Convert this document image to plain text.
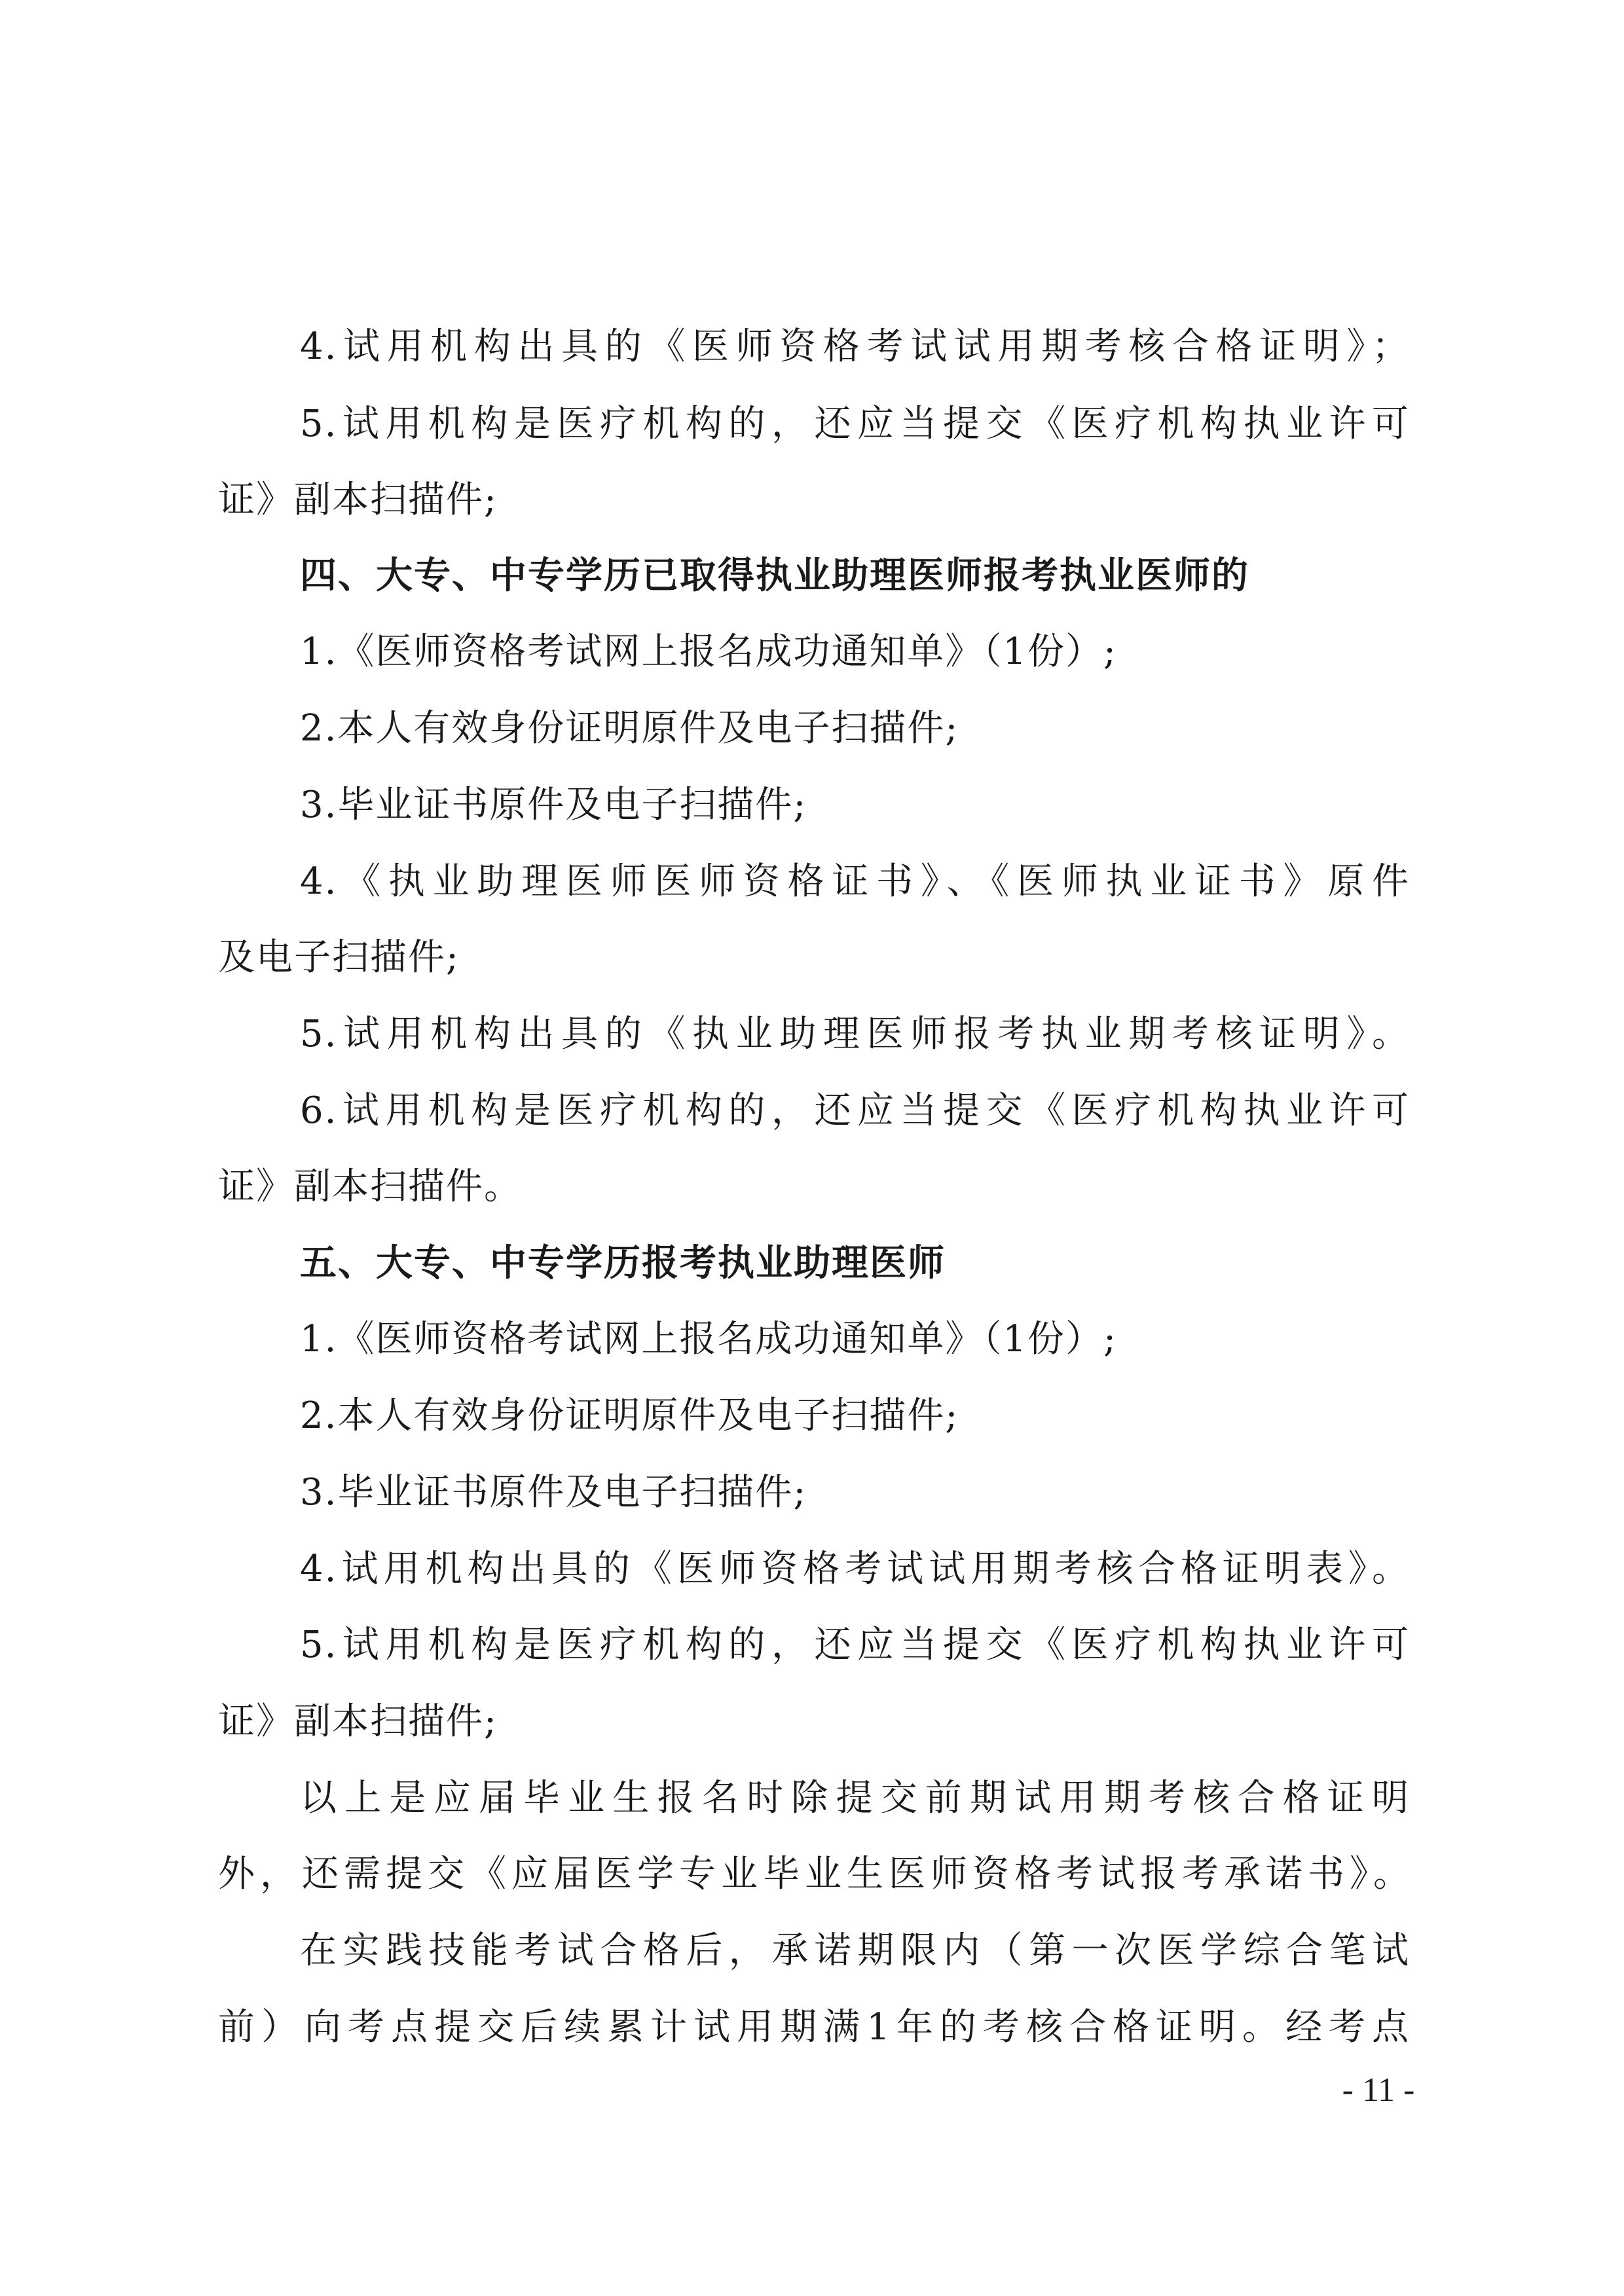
4.试用机构出具的《医师资格考试试用期考核合格证明》；
5.试用机构是医疗机构的，还应当提交《医疗机构执业许可
证》副本扫描件;
四、大专、中专学历已取得执业助理医师报考执业医师的
1.《医师资格考试网上报名成功通知单》（1份）;
2.本人有效身份证明原件及电子扫描件;
3.毕业证书原件及电子扫描件;
4.《执业助理医师医师资格证书》、《医师执业证书》原件
及电子扫描件;
5.试用机构出具的《执业助理医师报考执业期考核证明》。
6.试用机构是医疗机构的，还应当提交《医疗机构执业许可
证》副本扫描件。
五、大专、中专学历报考执业助理医师
1.《医师资格考试网上报名成功通知单》（1份）;
2.本人有效身份证明原件及电子扫描件;
3.毕业证书原件及电子扫描件;
4.试用机构出具的《医师资格考试试用期考核合格证明表》。
5.试用机构是医疗机构的，还应当提交《医疗机构执业许可
证》副本扫描件;
以上是应届毕业生报名时除提交前期试用期考核合格证明
外，还需提交《应届医学专业毕业生医师资格考试报考承诺书》。
在实践技能考试合格后，承诺期限内（第一次医学综合笔试
前）向考点提交后续累计试用期满1年的考核合格证明。经考点
- 11 -
